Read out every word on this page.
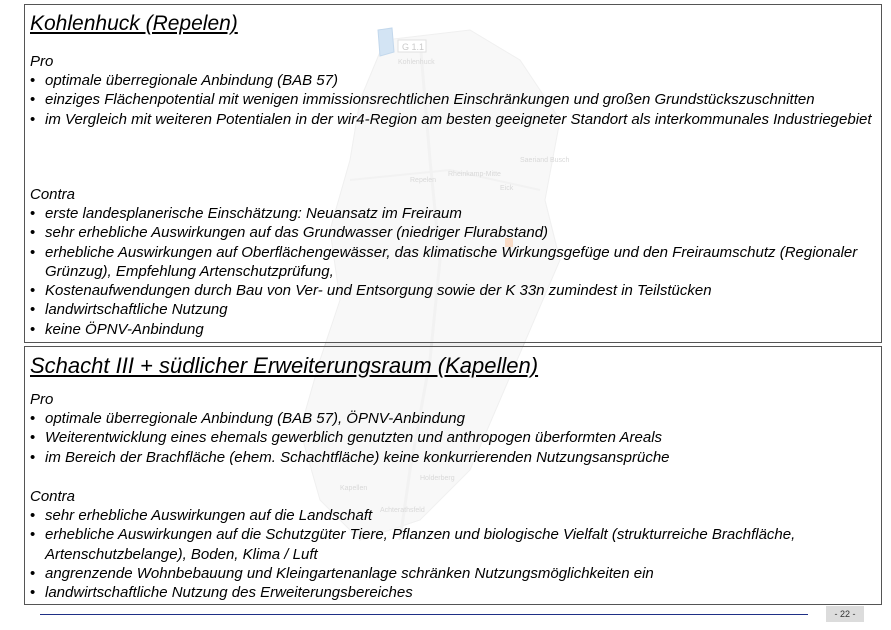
Kohlenhuck (Repelen)
Pro
• optimale überregionale Anbindung (BAB 57)
• einziges Flächenpotential mit wenigen immissionsrechtlichen Einschränkungen und großen Grundstückszuschnitten
• im Vergleich mit weiteren Potentialen in der wir4-Region am besten geeigneter Standort als interkommunales Industriegebiet
Contra
• erste landesplanerische Einschätzung: Neuansatz im Freiraum
• sehr erhebliche Auswirkungen auf das Grundwasser (niedriger Flurabstand)
• erhebliche Auswirkungen auf Oberflächengewässer, das klimatische Wirkungsgefüge und den Freiraumschutz (Regionaler Grünzug), Empfehlung Artenschutzprüfung,
• Kostenaufwendungen durch Bau von Ver- und Entsorgung sowie der K 33n zumindest in Teilstücken
• landwirtschaftliche Nutzung
• keine ÖPNV-Anbindung
Schacht III + südlicher Erweiterungsraum (Kapellen)
Pro
• optimale überregionale Anbindung (BAB 57), ÖPNV-Anbindung
• Weiterentwicklung eines ehemals gewerblich genutzten und anthropogen überformten Areals
• im Bereich der Brachfläche (ehem. Schachtfläche) keine konkurrierenden Nutzungsansprüche
Contra
• sehr erhebliche Auswirkungen auf die Landschaft
• erhebliche Auswirkungen auf die Schutzgüter Tiere, Pflanzen und biologische Vielfalt (strukturreiche Brachfläche, Artenschutzbelange), Boden, Klima / Luft
• angrenzende Wohnbebauung und Kleingartenanlage schränken Nutzungsmöglichkeiten ein
• landwirtschaftliche Nutzung des Erweiterungsbereiches
- 22 -
